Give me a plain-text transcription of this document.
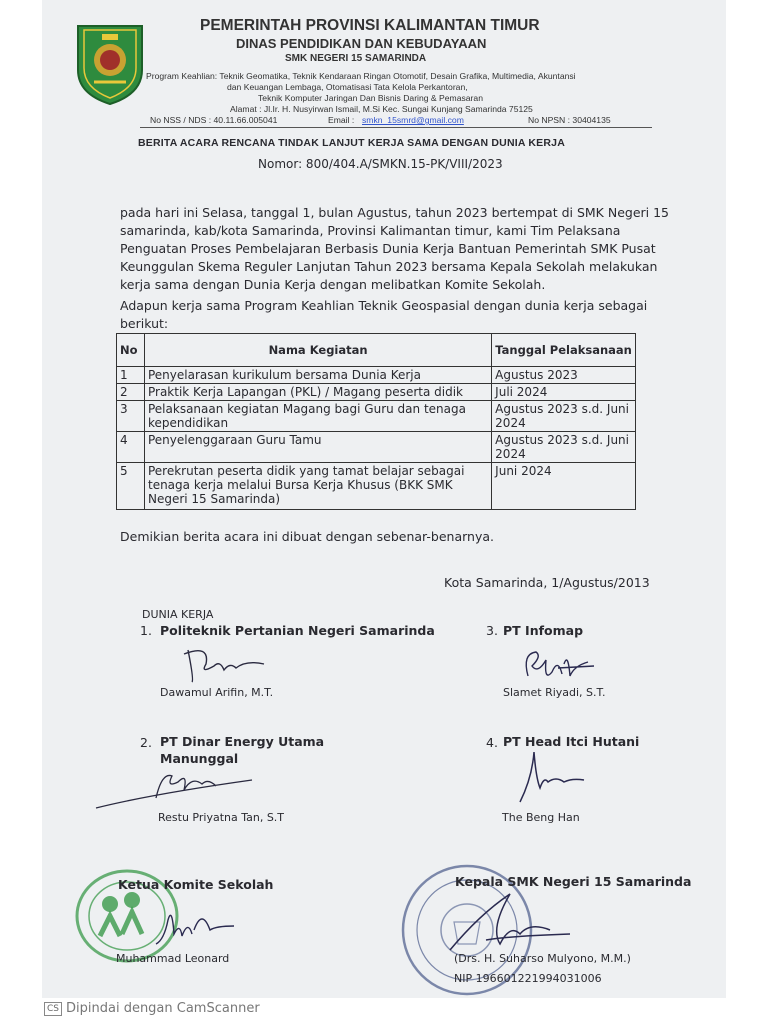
PEMERINTAH PROVINSI KALIMANTAN TIMUR
DINAS PENDIDIKAN DAN KEBUDAYAAN
SMK NEGERI 15 SAMARINDA
Program Keahlian: Teknik Geomatika, Teknik Kendaraan Ringan Otomotif, Desain Grafika, Multimedia, Akuntansi
dan Keuangan Lembaga, Otomatisasi Tata Kelola Perkantoran,
Teknik Komputer Jaringan Dan Bisnis Daring & Pemasaran
Alamat : Jl.Ir. H. Nusyirwan Ismail, M.Si Kec. Sungai Kunjang Samarinda 75125
No NSS / NDS : 40.11.66.005041	Email : smkn_15smrd@gmail.com	No NPSN : 30404135
BERITA ACARA RENCANA TINDAK LANJUT KERJA SAMA DENGAN DUNIA KERJA
Nomor: 800/404.A/SMKN.15-PK/VIII/2023
pada hari ini Selasa, tanggal 1, bulan Agustus, tahun 2023 bertempat di SMK Negeri 15
samarinda, kab/kota Samarinda, Provinsi Kalimantan timur, kami Tim Pelaksana
Penguatan Proses Pembelajaran Berbasis Dunia Kerja Bantuan Pemerintah SMK Pusat
Keunggulan Skema Reguler Lanjutan Tahun 2023 bersama Kepala Sekolah melakukan
kerja sama dengan Dunia Kerja dengan melibatkan Komite Sekolah.
Adapun kerja sama Program Keahlian Teknik Geospasial dengan dunia kerja sebagai
berikut:
No	Nama Kegiatan	Tanggal Pelaksanaan
1	Penyelarasan kurikulum bersama Dunia Kerja	Agustus 2023
2	Praktik Kerja Lapangan (PKL) / Magang peserta didik	Juli 2024
3	Pelaksanaan kegiatan Magang bagi Guru dan tenaga kependidikan	Agustus 2023 s.d. Juni 2024
4	Penyelenggaraan Guru Tamu	Agustus 2023 s.d. Juni 2024
5	Perekrutan peserta didik yang tamat belajar sebagai tenaga kerja melalui Bursa Kerja Khusus (BKK SMK Negeri 15 Samarinda)	Juni 2024
Demikian berita acara ini dibuat dengan sebenar-benarnya.
Kota Samarinda, 1/Agustus/2013
DUNIA KERJA
1. Politeknik Pertanian Negeri Samarinda
Dawamul Arifin, M.T.
3. PT Infomap
Slamet Riyadi, S.T.
2. PT Dinar Energy Utama
Manunggal
Restu Priyatna Tan, S.T
4. PT Head Itci Hutani
The Beng Han
Ketua Komite Sekolah
Muhammad Leonard
Kepala SMK Negeri 15 Samarinda
(Drs. H. Suharso Mulyono, M.M.)
NIP 196601221994031006
CS Dipindai dengan CamScanner
